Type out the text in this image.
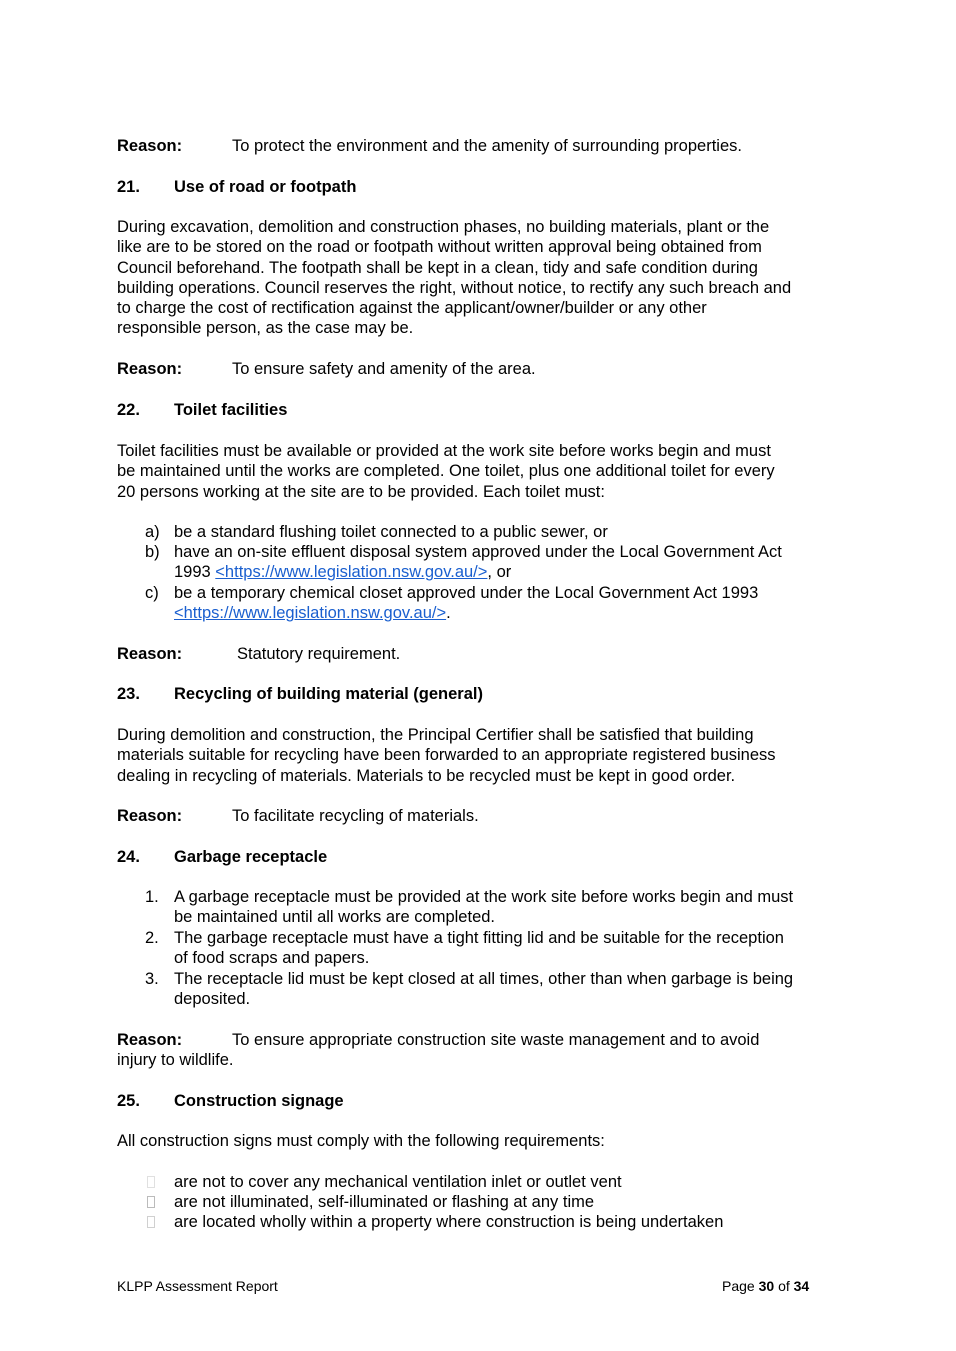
Reason:	To protect the environment and the amenity of surrounding properties.
21. Use of road or footpath
During excavation, demolition and construction phases, no building materials, plant or the
like are to be stored on the road or footpath without written approval being obtained from
Council beforehand. The footpath shall be kept in a clean, tidy and safe condition during
building operations. Council reserves the right, without notice, to rectify any such breach and
to charge the cost of rectification against the applicant/owner/builder or any other
responsible person, as the case may be.
Reason:	To ensure safety and amenity of the area.
22. Toilet facilities
Toilet facilities must be available or provided at the work site before works begin and must
be maintained until the works are completed. One toilet, plus one additional toilet for every
20 persons working at the site are to be provided. Each toilet must:
a) be a standard flushing toilet connected to a public sewer, or
b) have an on-site effluent disposal system approved under the Local Government Act
1993 <https://www.legislation.nsw.gov.au/>, or
c) be a temporary chemical closet approved under the Local Government Act 1993
<https://www.legislation.nsw.gov.au/>.
Reason:	Statutory requirement.
23. Recycling of building material (general)
During demolition and construction, the Principal Certifier shall be satisfied that building
materials suitable for recycling have been forwarded to an appropriate registered business
dealing in recycling of materials. Materials to be recycled must be kept in good order.
Reason:	To facilitate recycling of materials.
24. Garbage receptacle
1. A garbage receptacle must be provided at the work site before works begin and must
be maintained until all works are completed.
2. The garbage receptacle must have a tight fitting lid and be suitable for the reception
of food scraps and papers.
3. The receptacle lid must be kept closed at all times, other than when garbage is being
deposited.
Reason:	To ensure appropriate construction site waste management and to avoid
injury to wildlife.
25. Construction signage
All construction signs must comply with the following requirements:
are not to cover any mechanical ventilation inlet or outlet vent
are not illuminated, self-illuminated or flashing at any time
are located wholly within a property where construction is being undertaken
KLPP Assessment Report	Page 30 of 34
